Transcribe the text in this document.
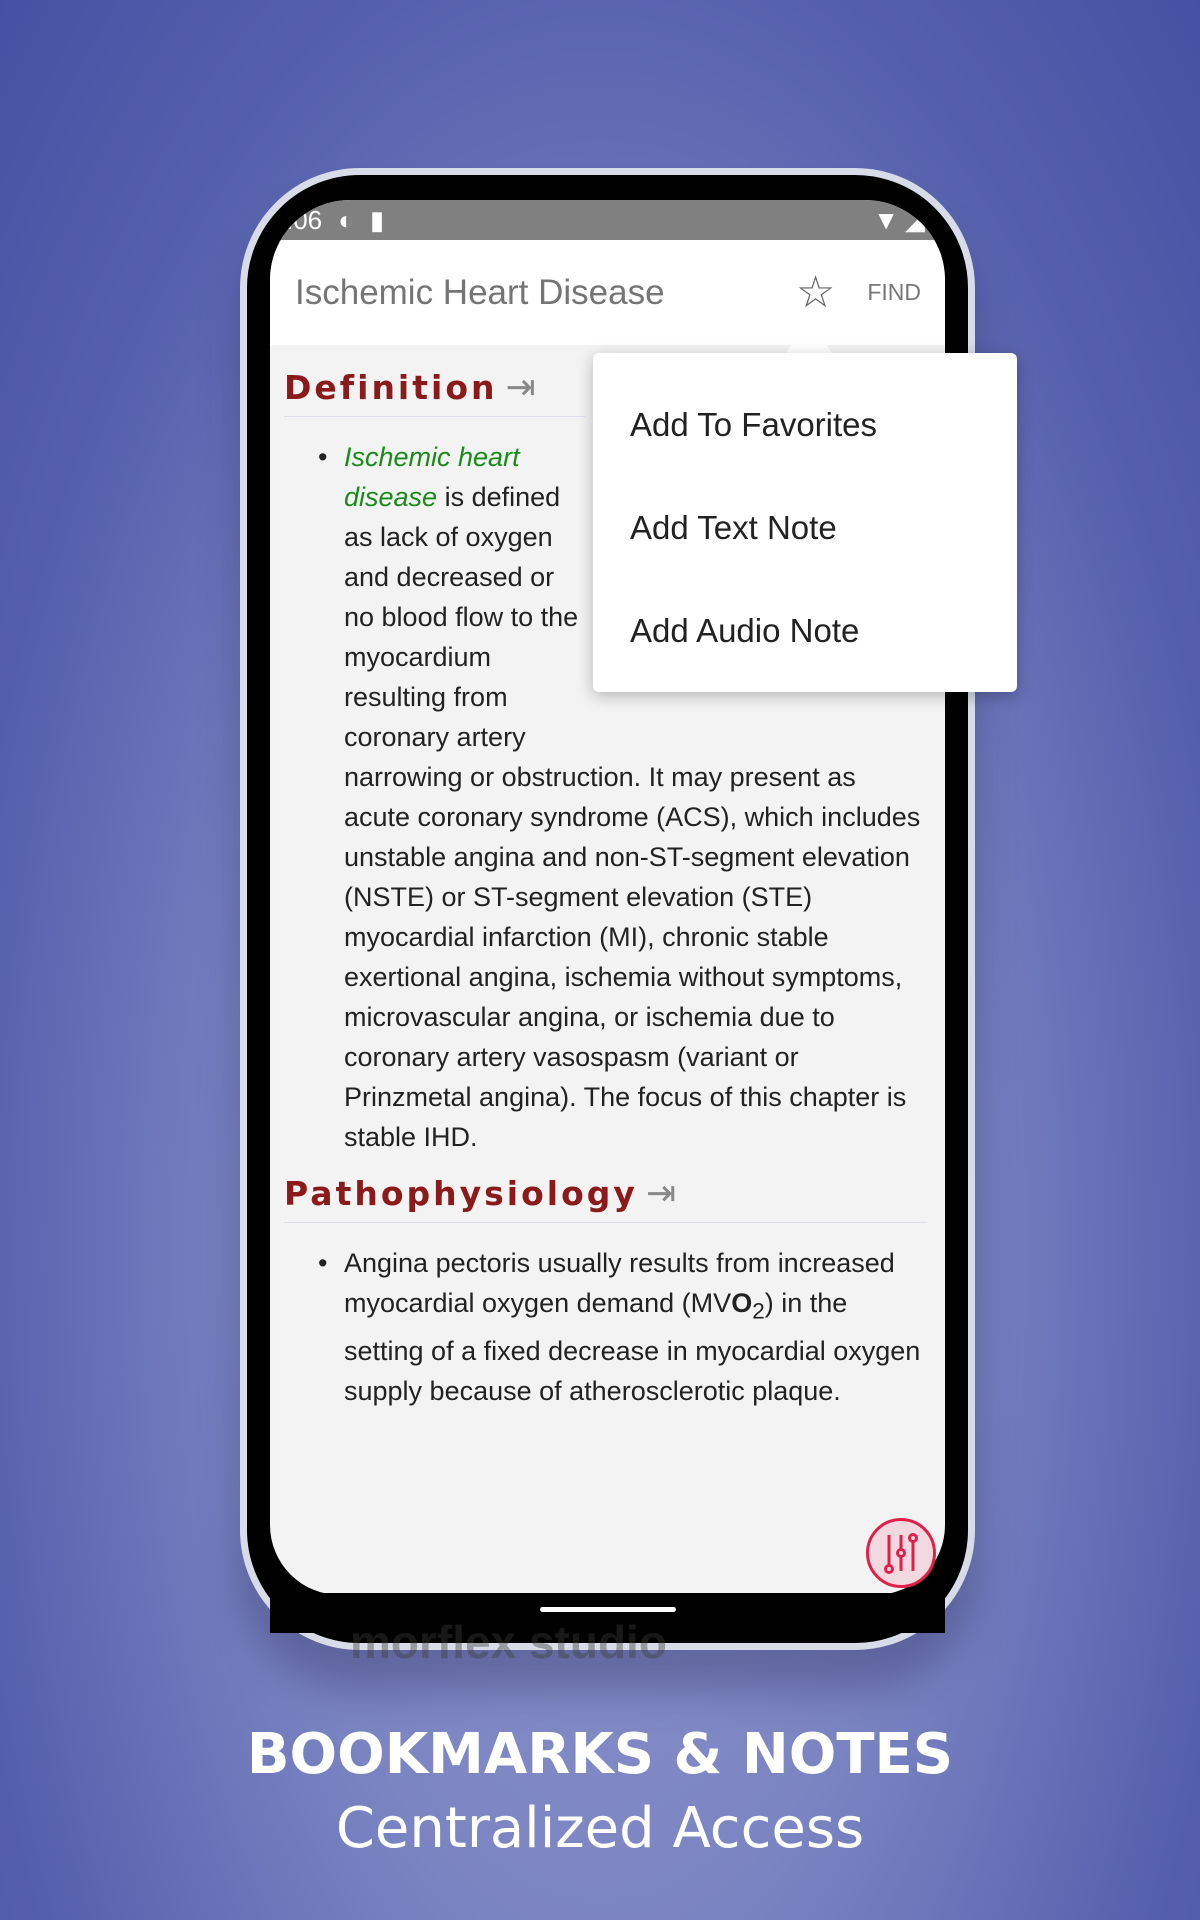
.06 ◐ ▮	▼ ◢
Ischemic Heart Disease	☆ FIND
Definition ⇥
• Ischemic heart disease is defined as lack of oxygen and decreased or no blood flow to the myocardium resulting from coronary artery narrowing or obstruction. It may present as acute coronary syndrome (ACS), which includes unstable angina and non-ST-segment elevation (NSTE) or ST-segment elevation (STE) myocardial infarction (MI), chronic stable exertional angina, ischemia without symptoms, microvascular angina, or ischemia due to coronary artery vasospasm (variant or Prinzmetal angina). The focus of this chapter is stable IHD.
Pathophysiology ⇥
• Angina pectoris usually results from increased myocardial oxygen demand $(MVO_2)$ in the setting of a fixed decrease in myocardial oxygen supply because of atherosclerotic plaque.
Add To Favorites
Add Text Note
Add Audio Note
morflex studio
BOOKMARKS & NOTES
Centralized Access
